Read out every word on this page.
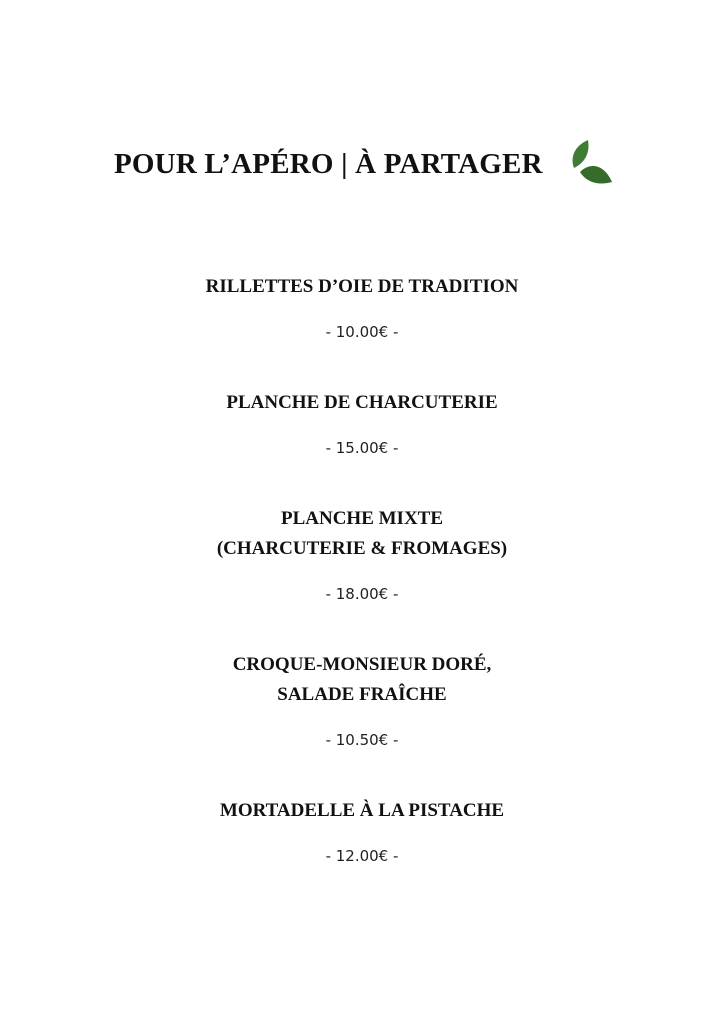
POUR L’APÉRO | À PARTAGER

RILLETTES D’OIE DE TRADITION

- 10.00€ -

PLANCHE DE CHARCUTERIE

- 15.00€ -

PLANCHE MIXTE
(CHARCUTERIE & FROMAGES)

- 18.00€ -

CROQUE-MONSIEUR DORÉ,
SALADE FRAÎCHE

- 10.50€ -

MORTADELLE À LA PISTACHE

- 12.00€ -
